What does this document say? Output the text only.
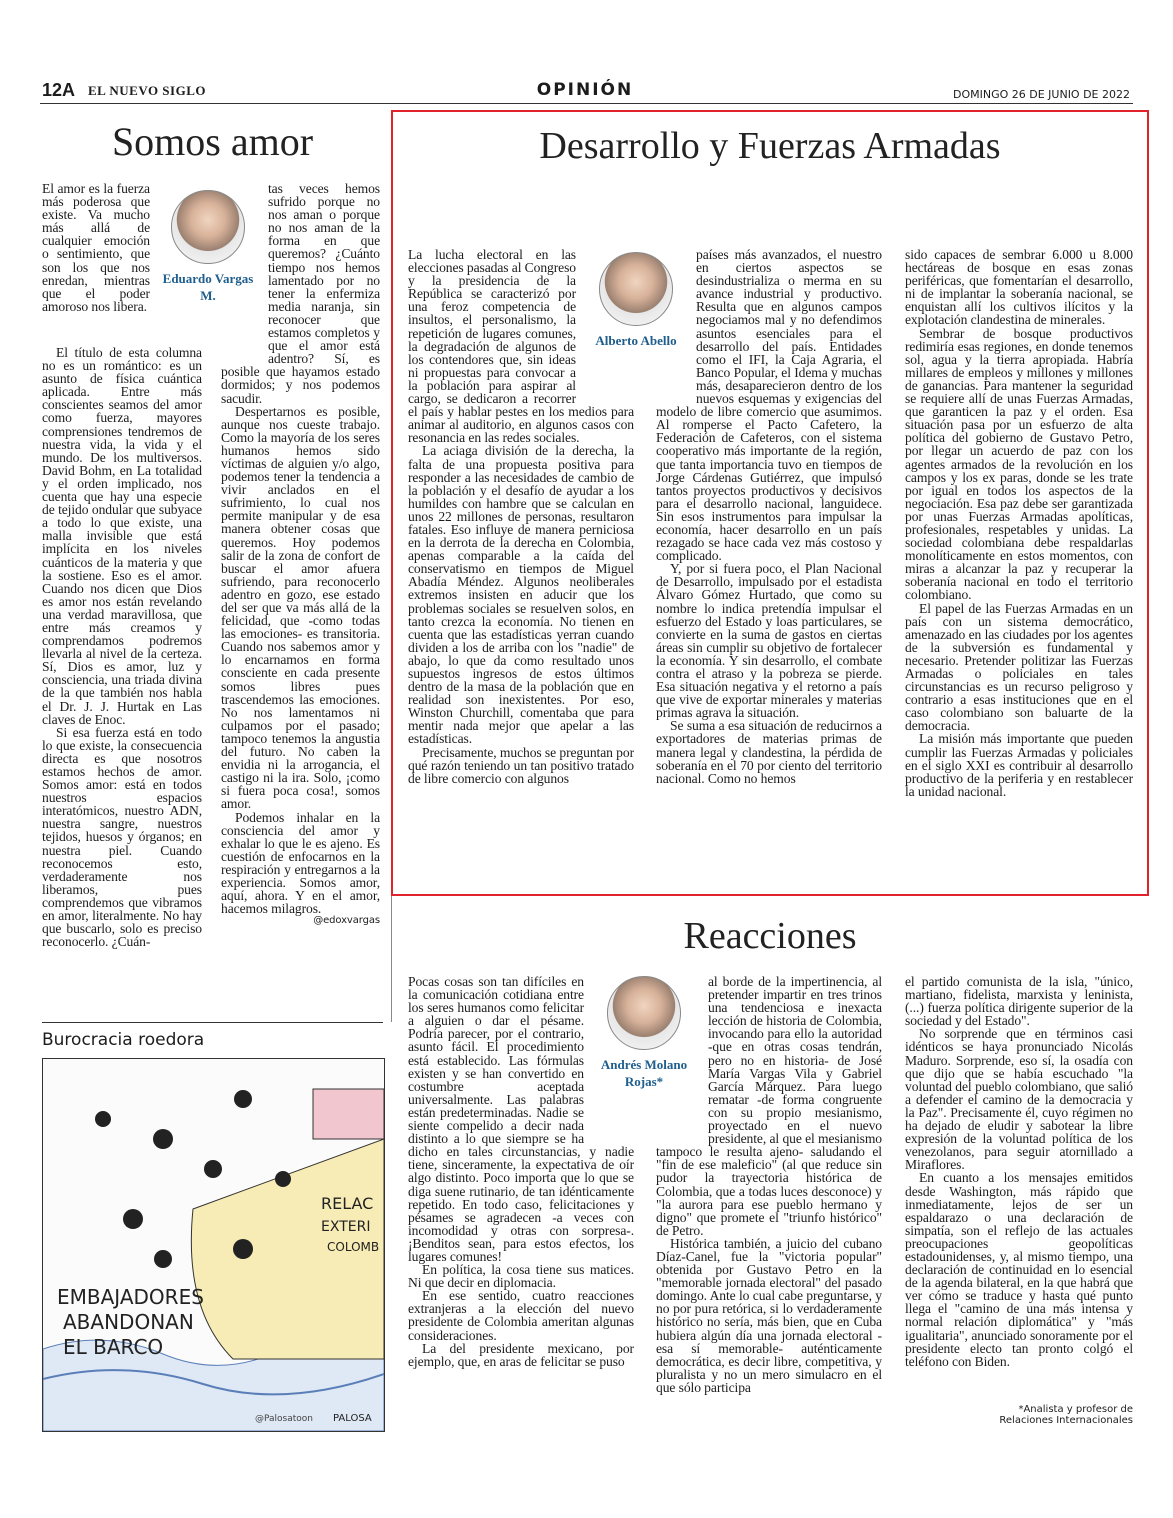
12A EL NUEVO SIGLO	OPINIÓN	DOMINGO 26 DE JUNIO DE 2022
Somos amor

El amor es la fuerza más poderosa que existe. Va mucho más allá de cualquier emoción o sentimiento, que son los que nos enredan, mientras que el poder amoroso nos libera.

Eduardo Vargas M.

El título de esta columna no es un romántico: es un asunto de física cuántica aplicada. Entre más conscientes seamos del amor como fuerza, mayores comprensiones tendremos de nuestra vida, la vida y el mundo. De los multiversos. David Bohm, en La totalidad y el orden implicado, nos cuenta que hay una especie de tejido ondular que subyace a todo lo que existe, una malla invisible que está implícita en los niveles cuánticos de la materia y que la sostiene. Eso es el amor. Cuando nos dicen que Dios es amor nos están revelando una verdad maravillosa, que entre más creamos y comprendamos podremos llevarla al nivel de la certeza. Sí, Dios es amor, luz y consciencia, una triada divina de la que también nos habla el Dr. J. J. Hurtak en Las claves de Enoc.

Si esa fuerza está en todo lo que existe, la consecuencia directa es que nosotros estamos hechos de amor. Somos amor: está en todos nuestros espacios interatómicos, nuestro ADN, nuestra sangre, nuestros tejidos, huesos y órganos; en nuestra piel. Cuando reconocemos esto, verdaderamente nos liberamos, pues comprendemos que vibramos en amor, literalmente. No hay que buscarlo, solo es preciso reconocerlo. ¿Cuán-

tas veces hemos sufrido porque no nos aman o porque no nos aman de la forma en que queremos? ¿Cuánto tiempo nos hemos lamentado por no tener la enfermiza media naranja, sin reconocer que estamos completos y que el amor está adentro? Sí, es posible que hayamos estado dormidos; y nos podemos sacudir.

Despertarnos es posible, aunque nos cueste trabajo. Como la mayoría de los seres humanos hemos sido víctimas de alguien y/o algo, podemos tener la tendencia a vivir anclados en el sufrimiento, lo cual nos permite manipular y de esa manera obtener cosas que queremos. Hoy podemos salir de la zona de confort de buscar el amor afuera sufriendo, para reconocerlo adentro en gozo, ese estado del ser que va más allá de la felicidad, que -como todas las emociones- es transitoria. Cuando nos sabemos amor y lo encarnamos en forma consciente en cada presente somos libres pues trascendemos las emociones. No nos lamentamos ni culpamos por el pasado; tampoco tenemos la angustia del futuro. No caben la envidia ni la arrogancia, el castigo ni la ira. Solo, ¡como si fuera poca cosa!, somos amor.

Podemos inhalar en la consciencia del amor y exhalar lo que le es ajeno. Es cuestión de enfocarnos en la respiración y entregarnos a la experiencia. Somos amor, aquí, ahora. Y en el amor, hacemos milagros.

@edoxvargas
Burocracia roedora
EMBAJADORES
ABANDONAN
EL BARCO
RELAC
EXTERI
COLOMB
@Palosatoon PALOSA
Desarrollo y Fuerzas Armadas

La lucha electoral en las elecciones pasadas al Congreso y la presidencia de la República se caracterizó por una feroz competencia de insultos, el personalismo, la repetición de lugares comunes, la degradación de algunos de los contendores que, sin ideas ni propuestas para convocar a la población para aspirar al cargo, se dedicaron a recorrer el país y hablar pestes en los medios para animar al auditorio, en algunos casos con resonancia en las redes sociales.

La aciaga división de la derecha, la falta de una propuesta positiva para responder a las necesidades de cambio de la población y el desafío de ayudar a los humildes con hambre que se calculan en unos 22 millones de personas, resultaron fatales. Eso influye de manera perniciosa en la derrota de la derecha en Colombia, apenas comparable a la caída del conservatismo en tiempos de Miguel Abadía Méndez. Algunos neoliberales extremos insisten en aducir que los problemas sociales se resuelven solos, en tanto crezca la economía. No tienen en cuenta que las estadísticas yerran cuando dividen a los de arriba con los "nadie" de abajo, lo que da como resultado unos supuestos ingresos de estos últimos dentro de la masa de la población que en realidad son inexistentes. Por eso, Winston Churchill, comentaba que para mentir nada mejor que apelar a las estadísticas.

Precisamente, muchos se preguntan por qué razón teniendo un tan positivo tratado de libre comercio con algunos

Alberto Abello

países más avanzados, el nuestro en ciertos aspectos se desindustrializa o merma en su avance industrial y productivo. Resulta que en algunos campos negociamos mal y no defendimos asuntos esenciales para el desarrollo del país. Entidades como el IFI, la Caja Agraria, el Banco Popular, el Idema y muchas más, desaparecieron dentro de los nuevos esquemas y exigencias del modelo de libre comercio que asumimos. Al romperse el Pacto Cafetero, la Federación de Cafeteros, con el sistema cooperativo más importante de la región, que tanta importancia tuvo en tiempos de Jorge Cárdenas Gutiérrez, que impulsó tantos proyectos productivos y decisivos para el desarrollo nacional, languidece. Sin esos instrumentos para impulsar la economía, hacer desarrollo en un país rezagado se hace cada vez más costoso y complicado.

Y, por si fuera poco, el Plan Nacional de Desarrollo, impulsado por el estadista Álvaro Gómez Hurtado, que como su nombre lo indica pretendía impulsar el esfuerzo del Estado y loas particulares, se convierte en la suma de gastos en ciertas áreas sin cumplir su objetivo de fortalecer la economía. Y sin desarrollo, el combate contra el atraso y la pobreza se pierde. Esa situación negativa y el retorno a país que vive de exportar minerales y materias primas agrava la situación.

Se suma a esa situación de reducirnos a exportadores de materias primas de manera legal y clandestina, la pérdida de soberanía en el 70 por ciento del territorio nacional. Como no hemos

sido capaces de sembrar 6.000 u 8.000 hectáreas de bosque en esas zonas periféricas, que fomentarían el desarrollo, ni de implantar la soberanía nacional, se enquistan allí los cultivos ilícitos y la explotación clandestina de minerales.

Sembrar de bosque productivos redimiría esas regiones, en donde tenemos sol, agua y la tierra apropiada. Habría millares de empleos y millones y millones de ganancias. Para mantener la seguridad se requiere allí de unas Fuerzas Armadas, que garanticen la paz y el orden. Esa situación pasa por un esfuerzo de alta política del gobierno de Gustavo Petro, por llegar un acuerdo de paz con los agentes armados de la revolución en los campos y los ex paras, donde se les trate por igual en todos los aspectos de la negociación. Esa paz debe ser garantizada por unas Fuerzas Armadas apolíticas, profesionales, respetables y unidas. La sociedad colombiana debe respaldarlas monolíticamente en estos momentos, con miras a alcanzar la paz y recuperar la soberanía nacional en todo el territorio colombiano.

El papel de las Fuerzas Armadas en un país con un sistema democrático, amenazado en las ciudades por los agentes de la subversión es fundamental y necesario. Pretender politizar las Fuerzas Armadas o policiales en tales circunstancias es un recurso peligroso y contrario a esas instituciones que en el caso colombiano son baluarte de la democracia.

La misión más importante que pueden cumplir las Fuerzas Armadas y policiales en el siglo XXI es contribuir al desarrollo productivo de la periferia y en restablecer la unidad nacional.

Reacciones

Pocas cosas son tan difíciles en la comunicación cotidiana entre los seres humanos como felicitar a alguien o dar el pésame. Podría parecer, por el contrario, asunto fácil. El procedimiento está establecido. Las fórmulas existen y se han convertido en costumbre aceptada universalmente. Las palabras están predeterminadas. Nadie se siente compelido a decir nada distinto a lo que siempre se ha dicho en tales circunstancias, y nadie tiene, sinceramente, la expectativa de oír algo distinto. Poco importa que lo que se diga suene rutinario, de tan idénticamente repetido. En todo caso, felicitaciones y pésames se agradecen -a veces con incomodidad y otras con sorpresa-. ¡Benditos sean, para estos efectos, los lugares comunes!

En política, la cosa tiene sus matices. Ni que decir en diplomacia.

En ese sentido, cuatro reacciones extranjeras a la elección del nuevo presidente de Colombia ameritan algunas consideraciones.

La del presidente mexicano, por ejemplo, que, en aras de felicitar se puso

Andrés Molano Rojas*

al borde de la impertinencia, al pretender impartir en tres trinos una tendenciosa e inexacta lección de historia de Colombia, invocando para ello la autoridad -que en otras cosas tendrán, pero no en historia- de José María Vargas Vila y Gabriel García Márquez. Para luego rematar -de forma congruente con su propio mesianismo, proyectado en el nuevo presidente, al que el mesianismo tampoco le resulta ajeno- saludando el "fin de ese maleficio" (al que reduce sin pudor la trayectoria histórica de Colombia, que a todas luces desconoce) y "la aurora para ese pueblo hermano y digno" que promete el "triunfo histórico" de Petro.

Histórica también, a juicio del cubano Díaz-Canel, fue la "victoria popular" obtenida por Gustavo Petro en la "memorable jornada electoral" del pasado domingo. Ante lo cual cabe preguntarse, y no por pura retórica, si lo verdaderamente histórico no sería, más bien, que en Cuba hubiera algún día una jornada electoral -esa sí memorable- auténticamente democrática, es decir libre, competitiva, y pluralista y no un mero simulacro en el que sólo participa

el partido comunista de la isla, "único, martiano, fidelista, marxista y leninista, (...) fuerza política dirigente superior de la sociedad y del Estado".

No sorprende que en términos casi idénticos se haya pronunciado Nicolás Maduro. Sorprende, eso sí, la osadía con que dijo que se había escuchado "la voluntad del pueblo colombiano, que salió a defender el camino de la democracia y la Paz". Precisamente él, cuyo régimen no ha dejado de eludir y sabotear la libre expresión de la voluntad política de los venezolanos, para seguir atornillado a Miraflores.

En cuanto a los mensajes emitidos desde Washington, más rápido que inmediatamente, lejos de ser un espaldarazo o una declaración de simpatía, son el reflejo de las actuales preocupaciones geopolíticas estadounidenses, y, al mismo tiempo, una declaración de continuidad en lo esencial de la agenda bilateral, en la que habrá que ver cómo se traduce y hasta qué punto llega el "camino de una más intensa y normal relación diplomática" y "más igualitaria", anunciado sonoramente por el presidente electo tan pronto colgó el teléfono con Biden.

*Analista y profesor de
Relaciones Internacionales
